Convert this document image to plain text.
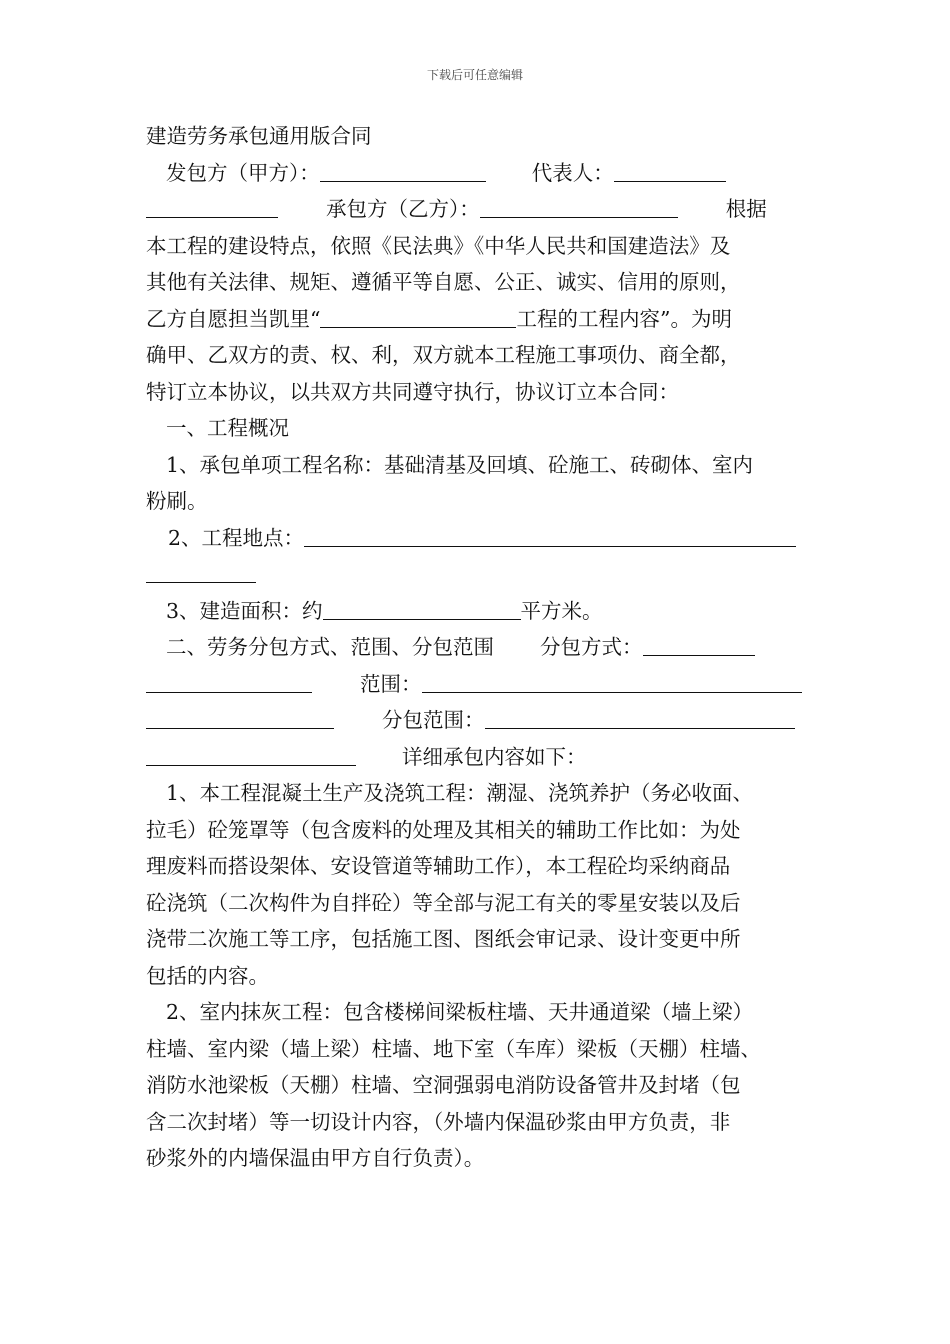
下载后可任意编辑
建造劳务承包通用版合同
发包方（甲方）：	代表人：
承包方（乙方）：	根据
本工程的建设特点，依照《民法典》《中华人民共和国建造法》及
其他有关法律、规矩、遵循平等自愿、公正、诚实、信用的原则，
乙方自愿担当凯里“	工程的工程内容”。为明
确甲、乙双方的责、权、利，双方就本工程施工事项仂、商全都，
特订立本协议，以共双方共同遵守执行，协议订立本合同：
一、工程概况
1、承包单项工程名称：基础清基及回填、砼施工、砖砌体、室内
粉刷。
2、工程地点：
3、建造面积：约	平方米。
二、劳务分包方式、范围、分包范围 分包方式：
范围：
分包范围：
详细承包内容如下：
1、本工程混凝土生产及浇筑工程：潮湿、浇筑养护（务必收面、
拉毛）砼笼罩等（包含废料的处理及其相关的辅助工作比如：为处
理废料而搭设架体、安设管道等辅助工作），本工程砼均采纳商品
砼浇筑（二次构件为自拌砼）等全部与泥工有关的零星安装以及后
浇带二次施工等工序，包括施工图、图纸会审记录、设计变更中所
包括的内容。
2、室内抹灰工程：包含楼梯间梁板柱墙、天井通道梁（墙上梁）
柱墙、室内梁（墙上梁）柱墙、地下室（车库）梁板（天棚）柱墙、
消防水池梁板（天棚）柱墙、空洞强弱电消防设备管井及封堵（包
含二次封堵）等一切设计内容，（外墙内保温砂浆由甲方负责，非
砂浆外的内墙保温由甲方自行负责）。
